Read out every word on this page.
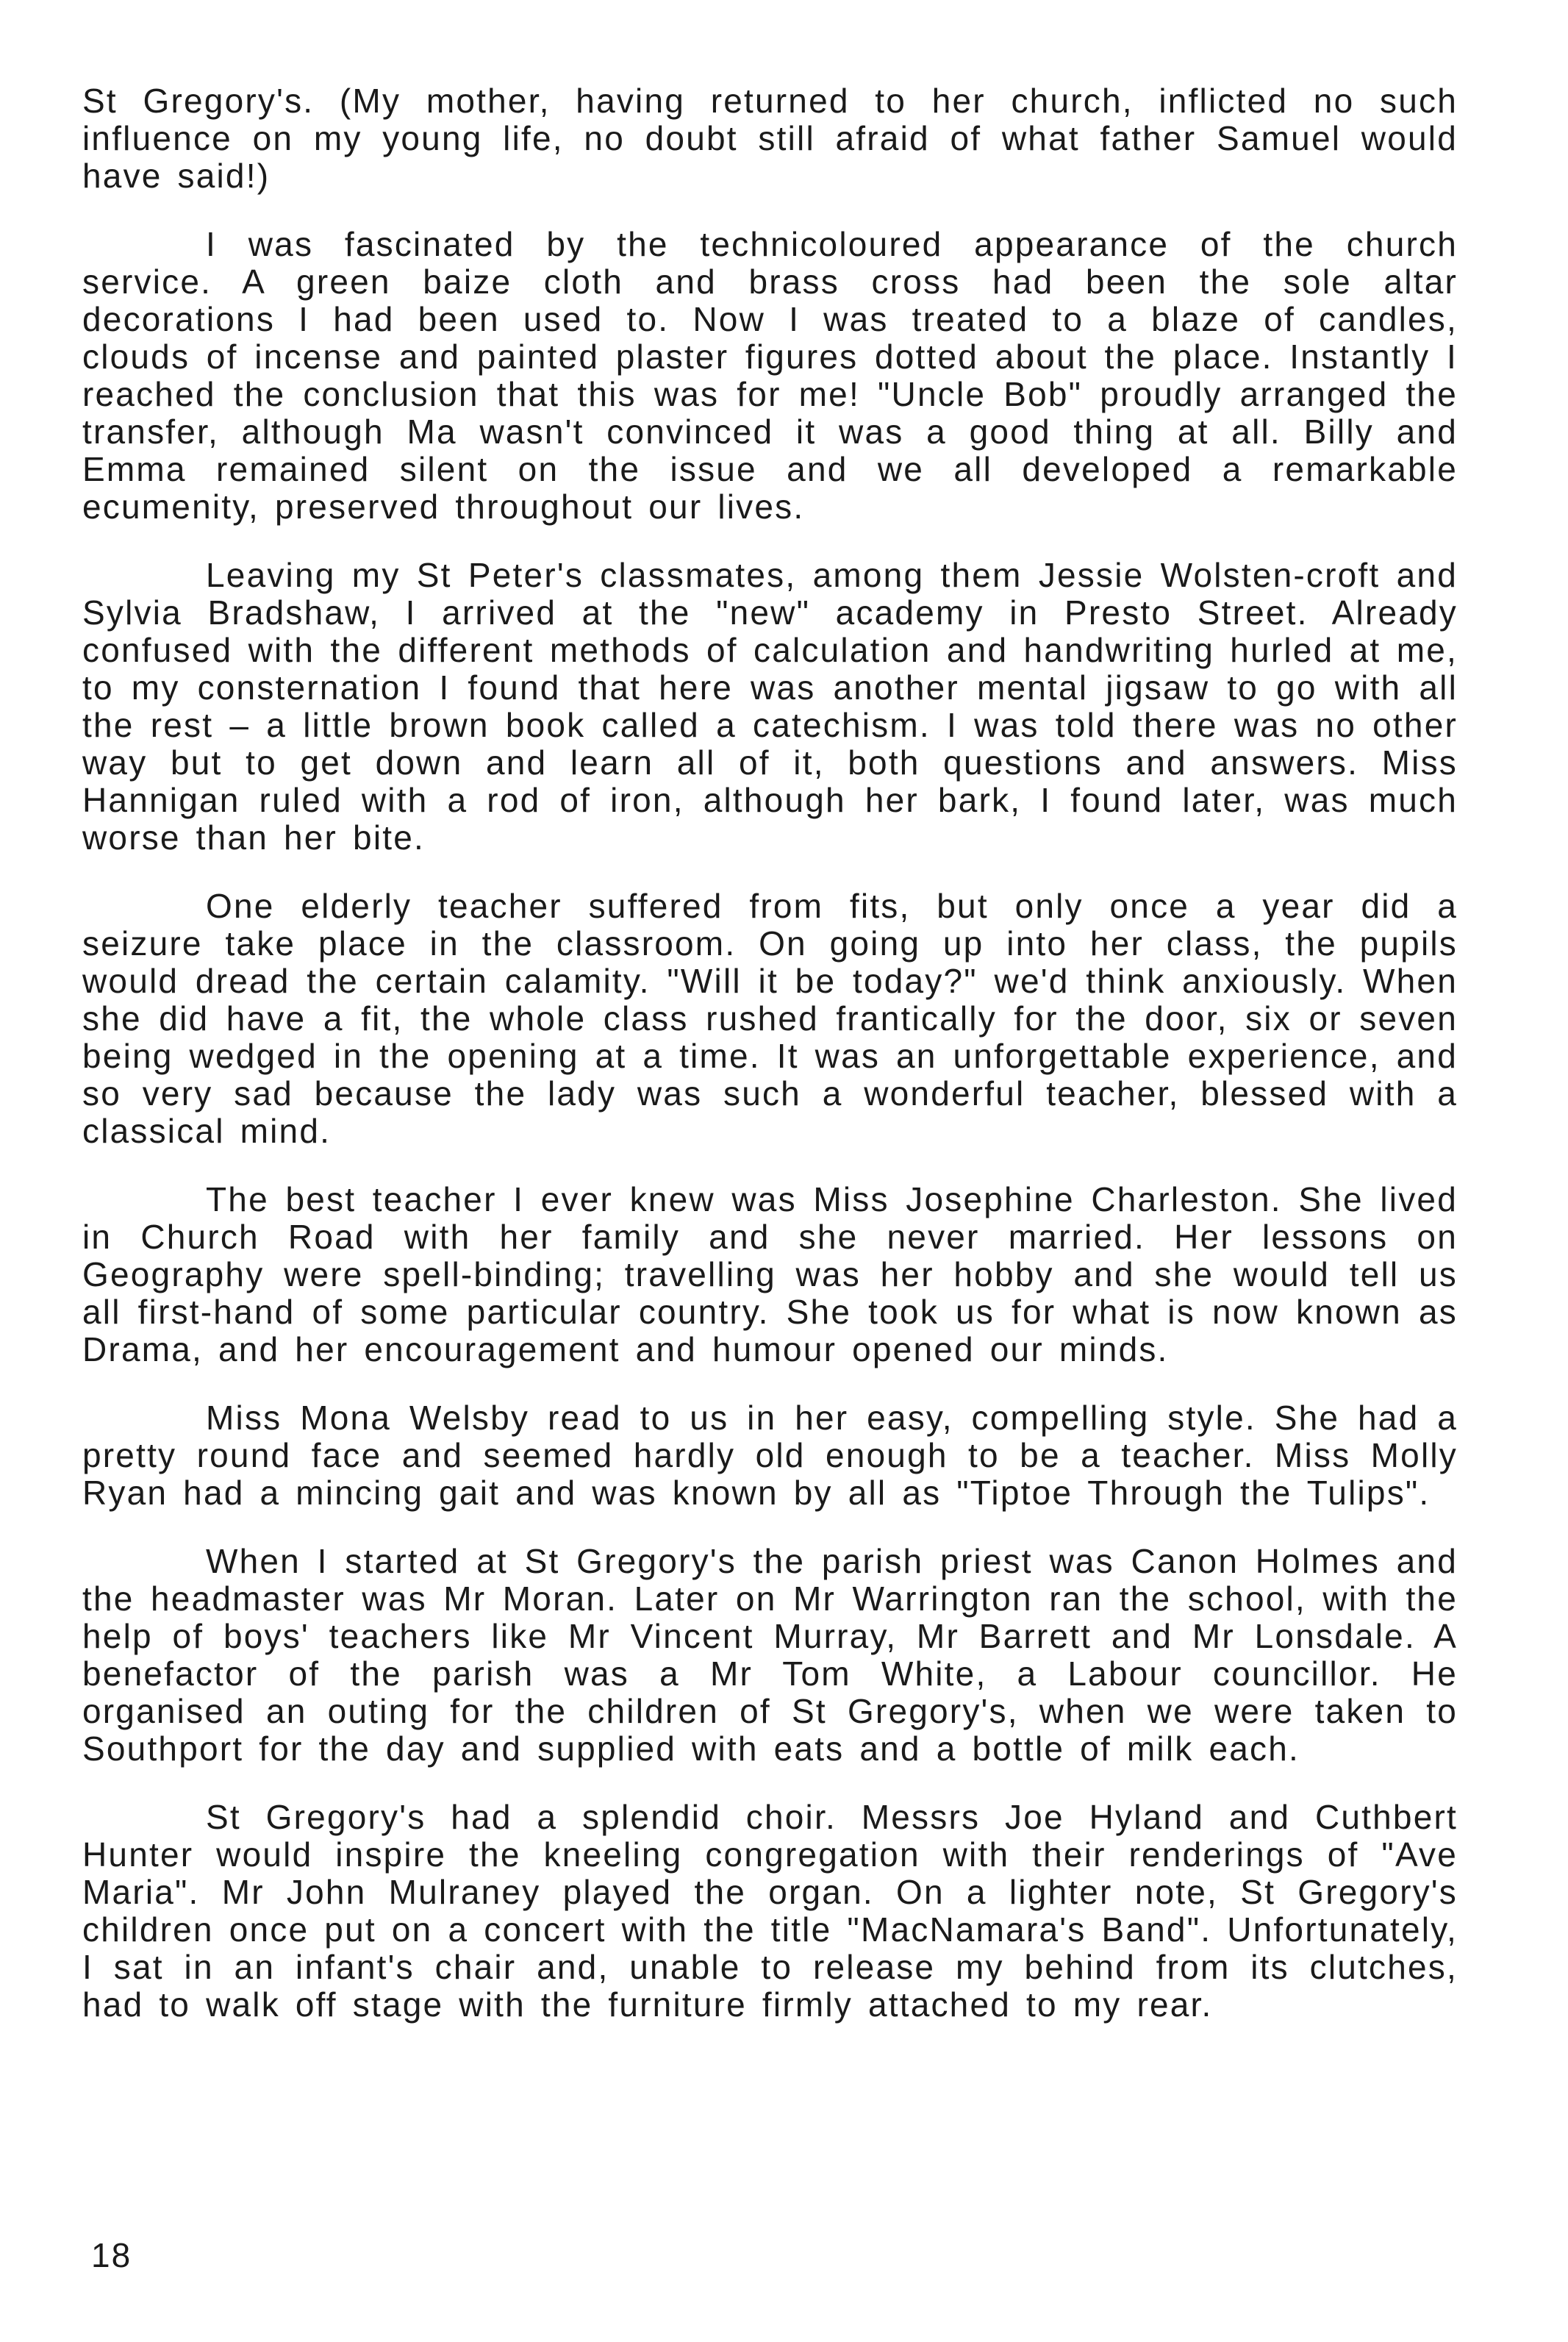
St Gregory's. (My mother, having returned to her church, inflicted no such influence on my young life, no doubt still afraid of what father Samuel would have said!)

I was fascinated by the technicoloured appearance of the church service. A green baize cloth and brass cross had been the sole altar decorations I had been used to. Now I was treated to a blaze of candles, clouds of incense and painted plaster figures dotted about the place. Instantly I reached the conclusion that this was for me! "Uncle Bob" proudly arranged the transfer, although Ma wasn't convinced it was a good thing at all. Billy and Emma remained silent on the issue and we all developed a remarkable ecumenity, preserved throughout our lives.

Leaving my St Peter's classmates, among them Jessie Wolsten-croft and Sylvia Bradshaw, I arrived at the "new" academy in Presto Street. Already confused with the different methods of calculation and handwriting hurled at me, to my consternation I found that here was another mental jigsaw to go with all the rest – a little brown book called a catechism. I was told there was no other way but to get down and learn all of it, both questions and answers. Miss Hannigan ruled with a rod of iron, although her bark, I found later, was much worse than her bite.

One elderly teacher suffered from fits, but only once a year did a seizure take place in the classroom. On going up into her class, the pupils would dread the certain calamity. "Will it be today?" we'd think anxiously. When she did have a fit, the whole class rushed frantically for the door, six or seven being wedged in the opening at a time. It was an unforgettable experience, and so very sad because the lady was such a wonderful teacher, blessed with a classical mind.

The best teacher I ever knew was Miss Josephine Charleston. She lived in Church Road with her family and she never married. Her lessons on Geography were spell-binding; travelling was her hobby and she would tell us all first-hand of some particular country. She took us for what is now known as Drama, and her encouragement and humour opened our minds.

Miss Mona Welsby read to us in her easy, compelling style. She had a pretty round face and seemed hardly old enough to be a teacher. Miss Molly Ryan had a mincing gait and was known by all as "Tiptoe Through the Tulips".

When I started at St Gregory's the parish priest was Canon Holmes and the headmaster was Mr Moran. Later on Mr Warrington ran the school, with the help of boys' teachers like Mr Vincent Murray, Mr Barrett and Mr Lonsdale. A benefactor of the parish was a Mr Tom White, a Labour councillor. He organised an outing for the children of St Gregory's, when we were taken to Southport for the day and supplied with eats and a bottle of milk each.

St Gregory's had a splendid choir. Messrs Joe Hyland and Cuthbert Hunter would inspire the kneeling congregation with their renderings of "Ave Maria". Mr John Mulraney played the organ. On a lighter note, St Gregory's children once put on a concert with the title "MacNamara's Band". Unfortunately, I sat in an infant's chair and, unable to release my behind from its clutches, had to walk off stage with the furniture firmly attached to my rear.

18
